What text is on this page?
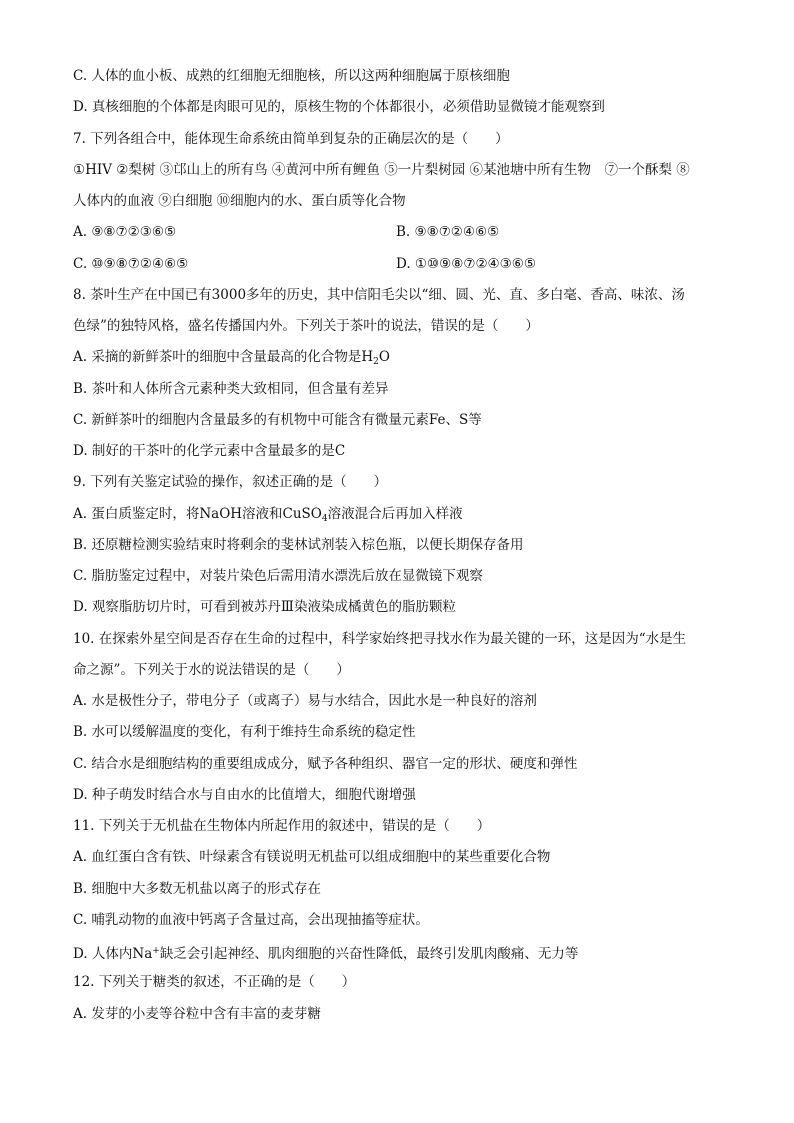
C. 人体的血小板、成熟的红细胞无细胞核，所以这两种细胞属于原核细胞
D. 真核细胞的个体都是肉眼可见的，原核生物的个体都很小，必须借助显微镜才能观察到
7. 下列各组合中，能体现生命系统由简单到复杂的正确层次的是（　　）
①HIV ②梨树 ③邙山上的所有鸟 ④黄河中所有鲤鱼 ⑤一片梨树园 ⑥某池塘中所有生物　⑦一个酥梨 ⑧
人体内的血液 ⑨白细胞 ⑩细胞内的水、蛋白质等化合物
A. ⑨⑧⑦②③⑥⑤	B. ⑨⑧⑦②④⑥⑤
C. ⑩⑨⑧⑦②④⑥⑤	D. ①⑩⑨⑧⑦②④③⑥⑤
8. 茶叶生产在中国已有3000多年的历史，其中信阳毛尖以“细、圆、光、直、多白毫、香高、味浓、汤
色绿”的独特风格，盛名传播国内外。下列关于茶叶的说法，错误的是（　　）
A. 采摘的新鲜茶叶的细胞中含量最高的化合物是$H_2O$
B. 茶叶和人体所含元素种类大致相同，但含量有差异
C. 新鲜茶叶的细胞内含量最多的有机物中可能含有微量元素Fe、S等
D. 制好的干茶叶的化学元素中含量最多的是C
9. 下列有关鉴定试验的操作，叙述正确的是（　　）
A. 蛋白质鉴定时，将NaOH溶液和CuSO$_4$溶液混合后再加入样液
B. 还原糖检测实验结束时将剩余的斐林试剂装入棕色瓶，以便长期保存备用
C. 脂肪鉴定过程中，对装片染色后需用清水漂洗后放在显微镜下观察
D. 观察脂肪切片时，可看到被苏丹Ⅲ染液染成橘黄色的脂肪颗粒
10. 在探索外星空间是否存在生命的过程中，科学家始终把寻找水作为最关键的一环，这是因为“水是生
命之源”。下列关于水的说法错误的是（　　）
A. 水是极性分子，带电分子（或离子）易与水结合，因此水是一种良好的溶剂
B. 水可以缓解温度的变化，有利于维持生命系统的稳定性
C. 结合水是细胞结构的重要组成成分，赋予各种组织、器官一定的形状、硬度和弹性
D. 种子萌发时结合水与自由水的比值增大，细胞代谢增强
11. 下列关于无机盐在生物体内所起作用的叙述中，错误的是（　　）
A. 血红蛋白含有铁、叶绿素含有镁说明无机盐可以组成细胞中的某些重要化合物
B. 细胞中大多数无机盐以离子的形式存在
C. 哺乳动物的血液中钙离子含量过高，会出现抽搐等症状。
D. 人体内Na+缺乏会引起神经、肌肉细胞的兴奋性降低，最终引发肌肉酸痛、无力等
12. 下列关于糖类的叙述，不正确的是（　　）
A. 发芽的小麦等谷粒中含有丰富的麦芽糖
